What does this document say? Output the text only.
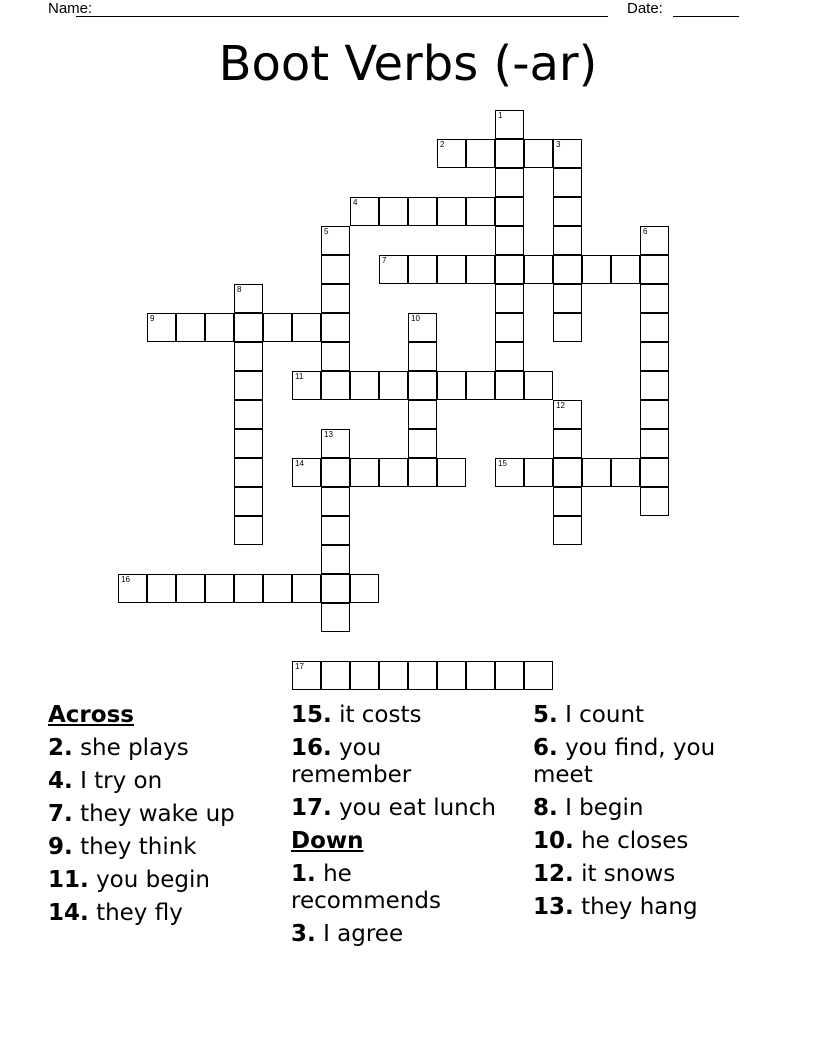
Name:	Date:
Boot Verbs (-ar)
1
2	3
4
5	6
7
8
9	10
11
12
13
14	15
16
17
Across
2. she plays
4. I try on
7. they wake up
9. they think
11. you begin
14. they fly
15. it costs
16. you remember
17. you eat lunch
Down
1. he recommends
3. I agree
5. I count
6. you find, you meet
8. I begin
10. he closes
12. it snows
13. they hang
